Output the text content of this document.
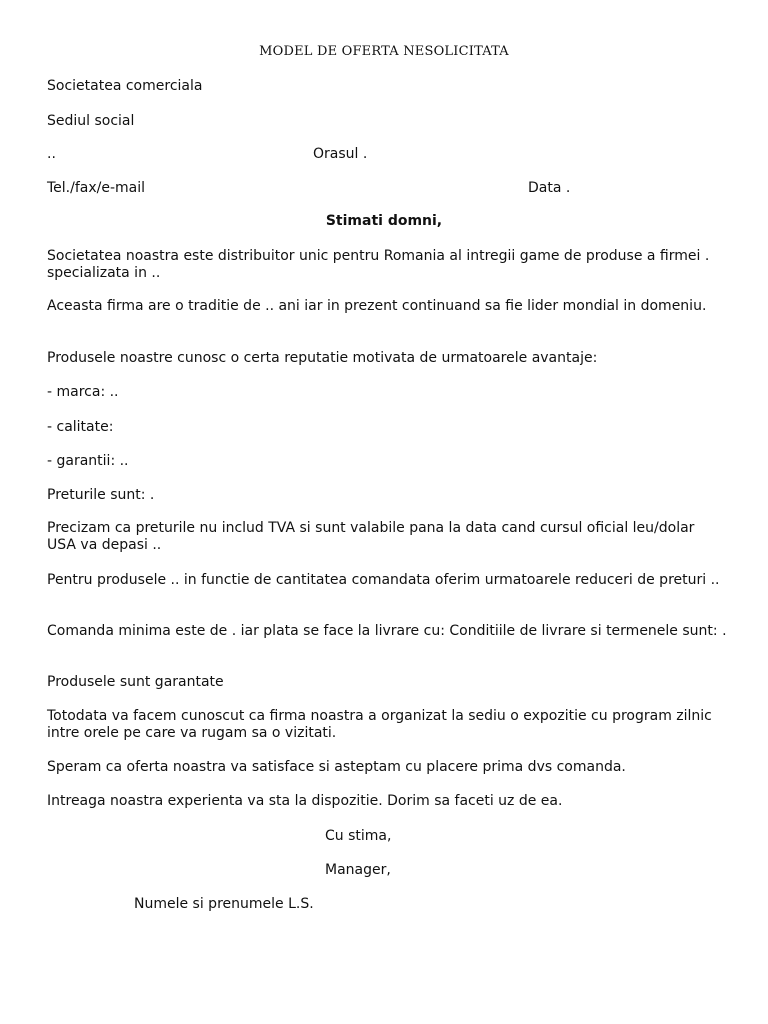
MODEL DE OFERTA NESOLICITATA
Societatea comerciala
Sediul social
..	Orasul .
Tel./fax/e-mail	Data .
Stimati domni,
Societatea noastra este distribuitor unic pentru Romania al intregii game de produse a firmei . specializata in ..
Aceasta firma are o traditie de .. ani iar in prezent continuand sa fie lider mondial in domeniu.
Produsele noastre cunosc o certa reputatie motivata de urmatoarele avantaje:
- marca: ..
- calitate:
- garantii: ..
Preturile sunt: .
Precizam ca preturile nu includ TVA si sunt valabile pana la data cand cursul oficial leu/dolar USA va depasi ..
Pentru produsele .. in functie de cantitatea comandata oferim urmatoarele reduceri de preturi ..
Comanda minima este de . iar plata se face la livrare cu: Conditiile de livrare si termenele sunt: .
Produsele sunt garantate
Totodata va facem cunoscut ca firma noastra a organizat la sediu o expozitie cu program zilnic intre orele pe care va rugam sa o vizitati.
Speram ca oferta noastra va satisface si asteptam cu placere prima dvs comanda.
Intreaga noastra experienta va sta la dispozitie. Dorim sa faceti uz de ea.
Cu stima,
Manager,
Numele si prenumele L.S.
